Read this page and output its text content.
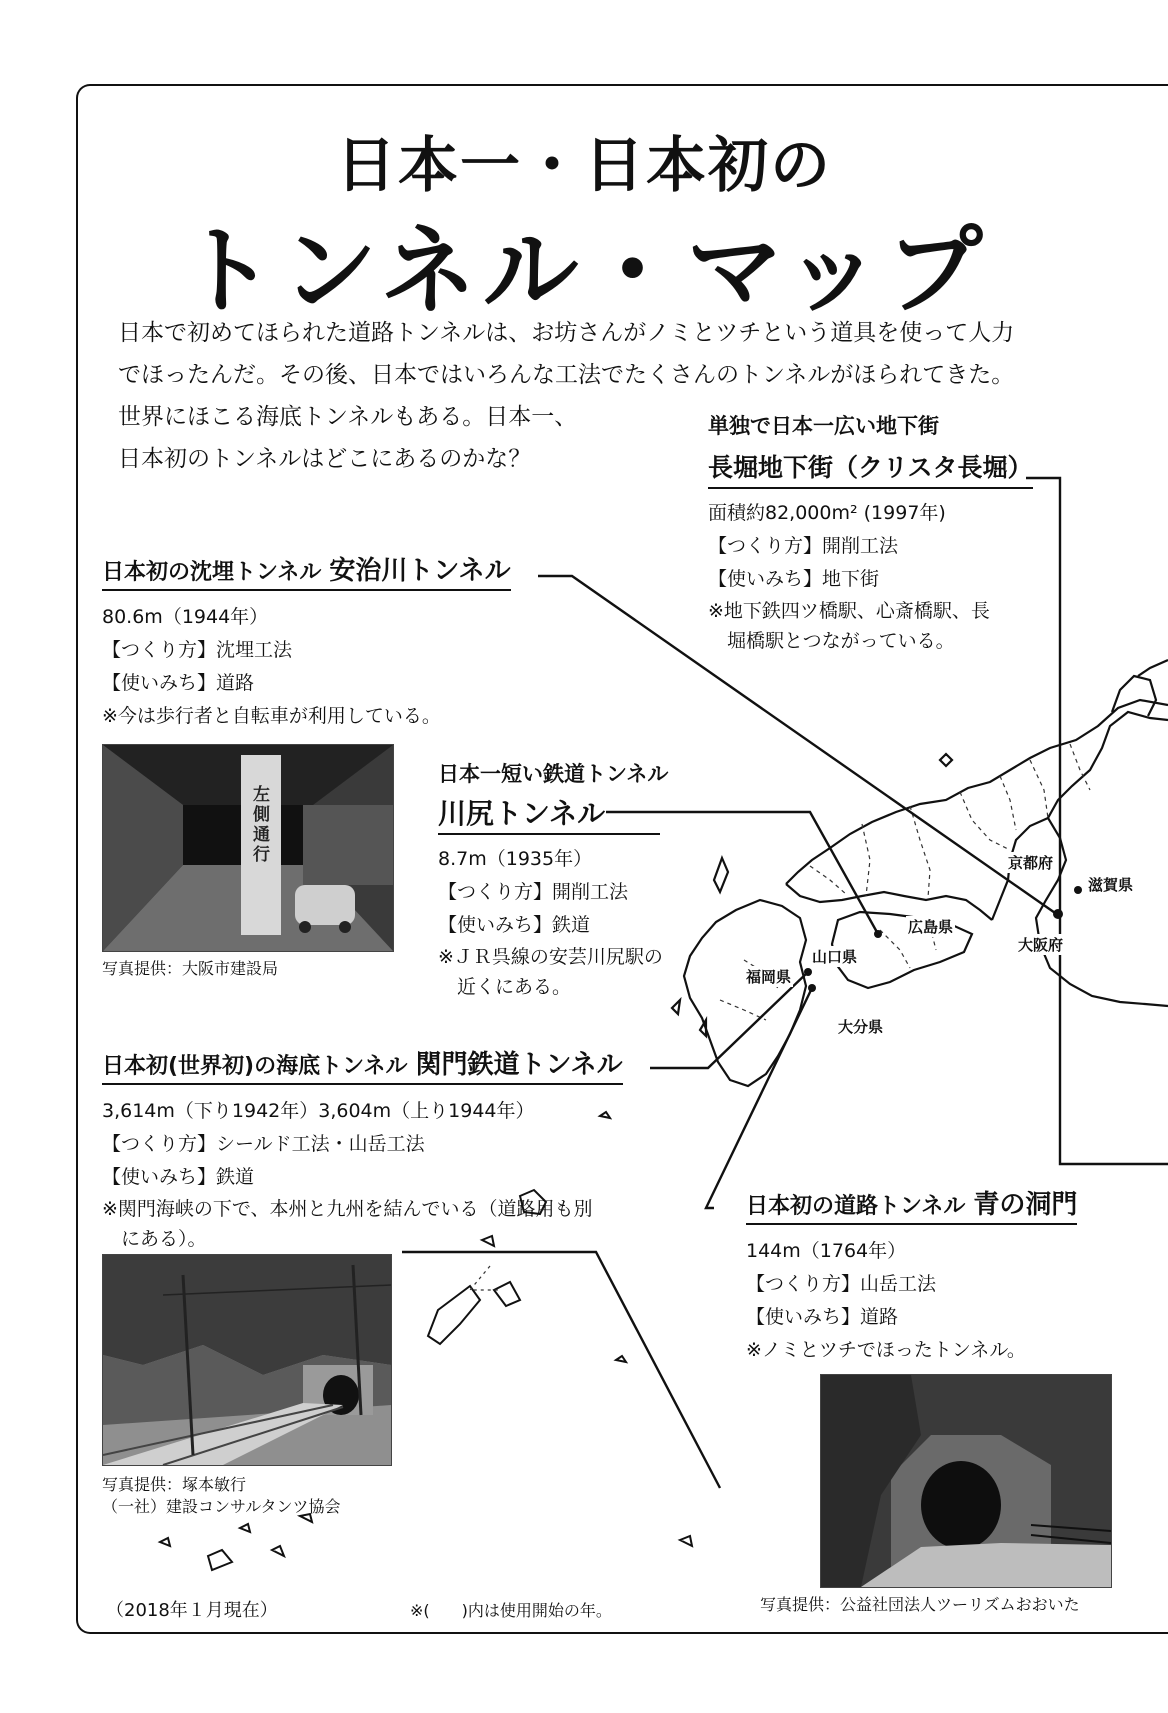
日本一・日本初の
トンネル・マップ
日本で初めてほられた道路トンネルは、お坊さんがノミとツチという道具を使って人力
でほったんだ。その後、日本ではいろんな工法でたくさんのトンネルがほられてきた。
世界にほこる海底トンネルもある。日本一、
日本初のトンネルはどこにあるのかな？
京都府
滋賀県
広島県
大阪府
山口県
福岡県
大分県
単独で日本一広い地下街
長堀地下街（クリスタ長堀）
面積約82,000m² (1997年)
【つくり方】開削工法
【使いみち】地下街
※地下鉄四ツ橋駅、心斎橋駅、長
　堀橋駅とつながっている。
日本初の沈埋トンネル 安治川トンネル
80.6m（1944年）
【つくり方】沈埋工法
【使いみち】道路
※今は歩行者と自転車が利用している。
左側通行
写真提供：大阪市建設局
日本一短い鉄道トンネル
川尻トンネル
8.7m（1935年）
【つくり方】開削工法
【使いみち】鉄道
※ＪＲ呉線の安芸川尻駅の
　近くにある。
日本初(世界初)の海底トンネル 関門鉄道トンネル
3,614m（下り1942年）3,604m（上り1944年）
【つくり方】シールド工法・山岳工法
【使いみち】鉄道
※関門海峡の下で、本州と九州を結んでいる（道路用も別
　にある）。
写真提供：塚本敏行
（一社）建設コンサルタンツ協会
日本初の道路トンネル 青の洞門
144m（1764年）
【つくり方】山岳工法
【使いみち】道路
※ノミとツチでほったトンネル。
写真提供：公益社団法人ツーリズムおおいた
（2018年１月現在）	※(　　)内は使用開始の年。
